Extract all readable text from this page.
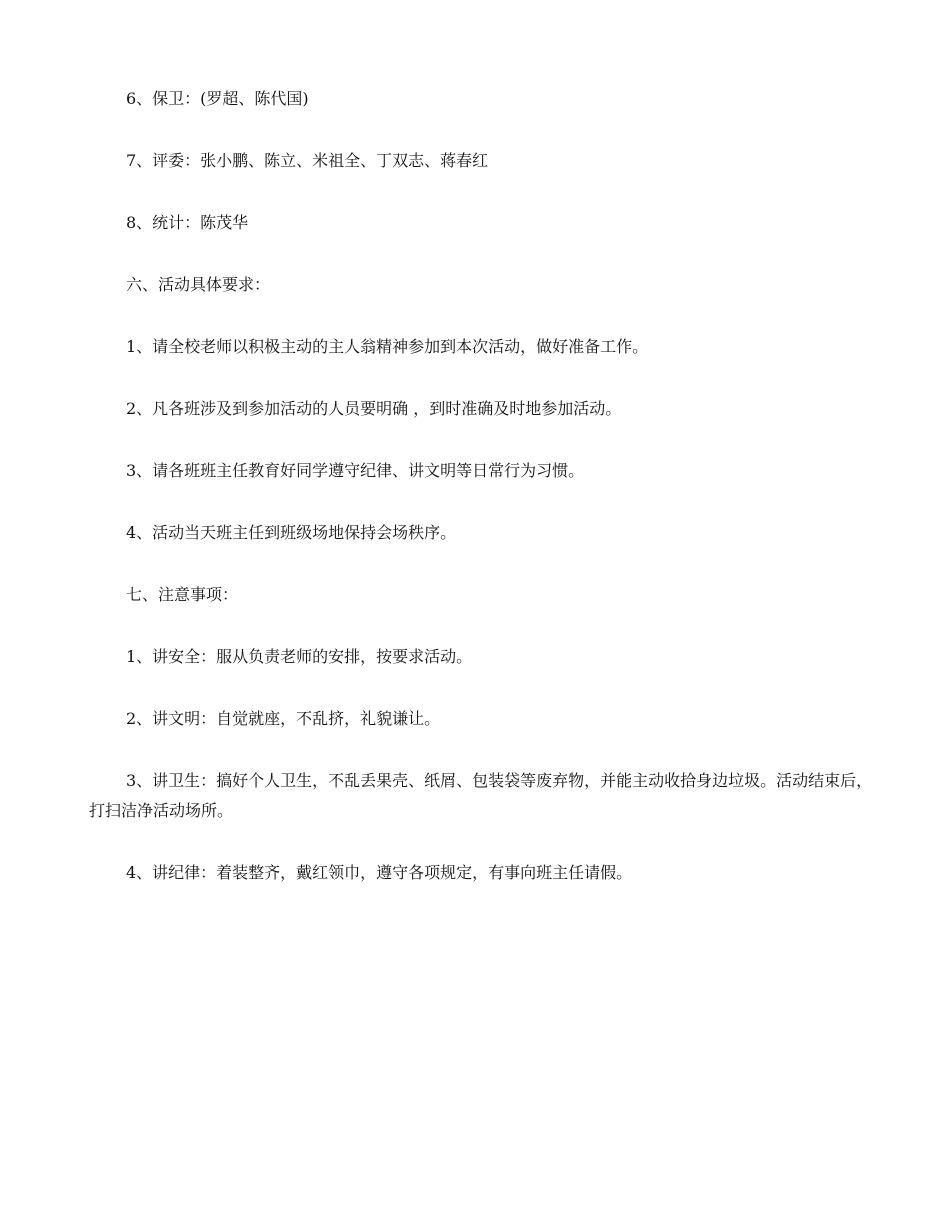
6、保卫：(罗超、陈代国)

7、评委：张小鹏、陈立、米祖全、丁双志、蒋春红

8、统计：陈茂华

六、活动具体要求：

1、请全校老师以积极主动的主人翁精神参加到本次活动，做好准备工作。

2、凡各班涉及到参加活动的人员要明确 ，到时准确及时地参加活动。

3、请各班班主任教育好同学遵守纪律、讲文明等日常行为习惯。

4、活动当天班主任到班级场地保持会场秩序。

七、注意事项：

1、讲安全：服从负责老师的安排，按要求活动。

2、讲文明：自觉就座，不乱挤，礼貌谦让。

3、讲卫生：搞好个人卫生，不乱丢果壳、纸屑、包装袋等废弃物，并能主动收拾身边垃圾。活动结束后，打扫洁净活动场所。

4、讲纪律：着装整齐，戴红领巾，遵守各项规定，有事向班主任请假。
